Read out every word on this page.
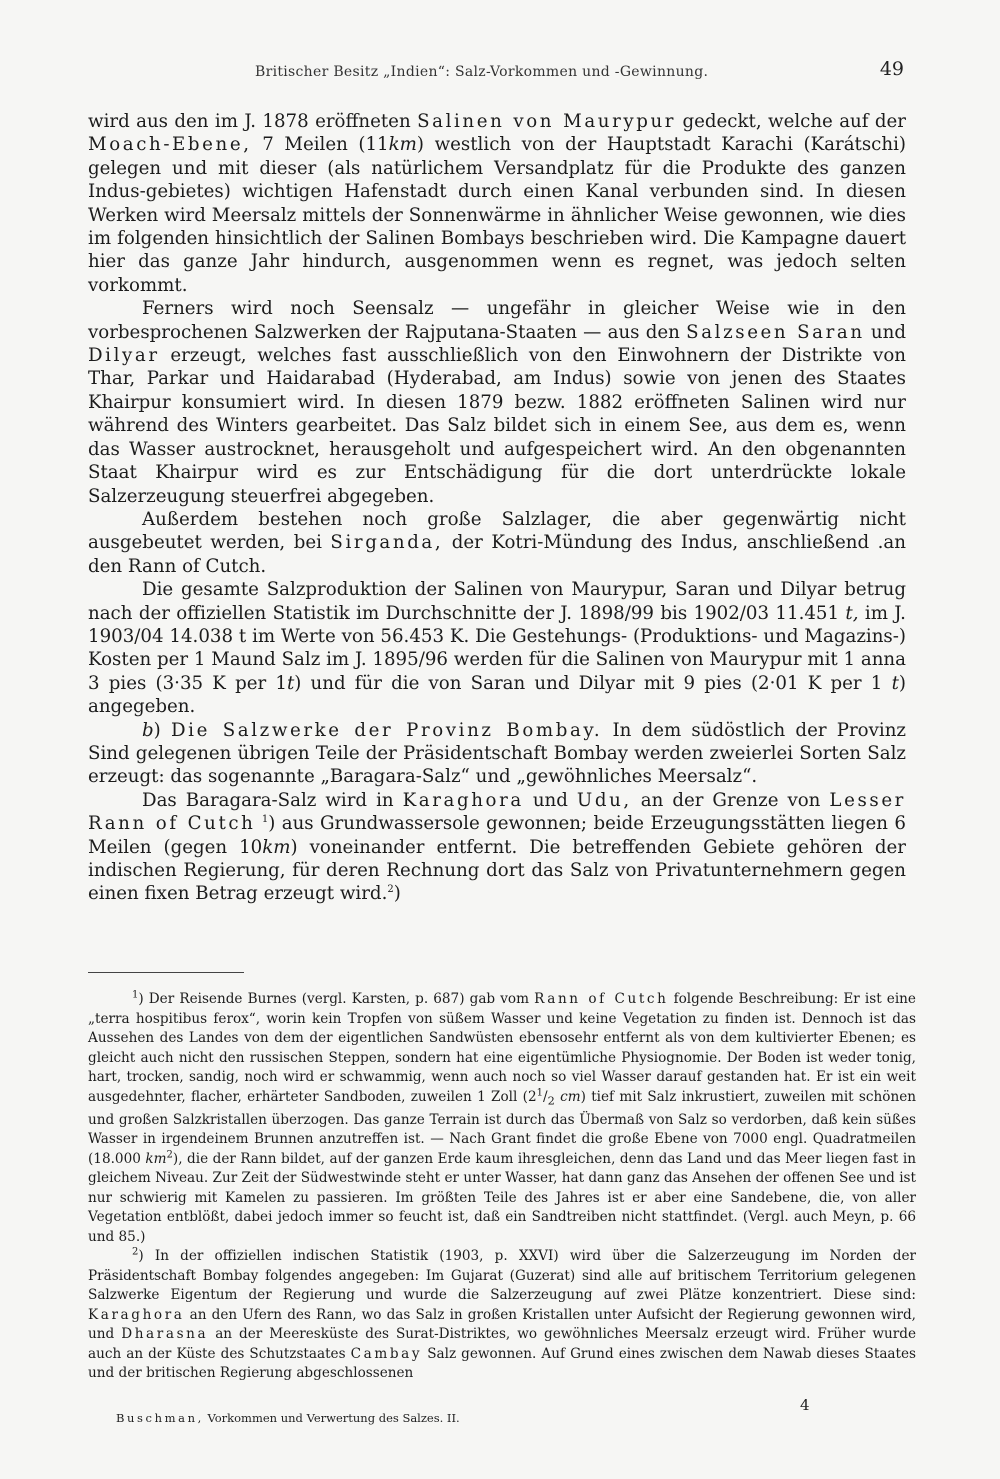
Britischer Besitz „Indien“: Salz-Vorkommen und -Gewinnung.	49

wird aus den im J. 1878 eröffneten Salinen von Maurypur gedeckt, welche auf der Moach-Ebene, 7 Meilen (11km) westlich von der Hauptstadt Karachi (Karátschi) gelegen und mit dieser (als natürlichem Versandplatz für die Produkte des ganzen Indus-gebietes) wichtigen Hafenstadt durch einen Kanal verbunden sind. In diesen Werken wird Meersalz mittels der Sonnenwärme in ähnlicher Weise gewonnen, wie dies im folgenden hinsichtlich der Salinen Bombays beschrieben wird. Die Kampagne dauert hier das ganze Jahr hindurch, ausgenommen wenn es regnet, was jedoch selten vorkommt.

Ferners wird noch Seensalz — ungefähr in gleicher Weise wie in den vorbesprochenen Salzwerken der Rajputana-Staaten — aus den Salzseen Saran und Dilyar erzeugt, welches fast ausschließlich von den Einwohnern der Distrikte von Thar, Parkar und Haidarabad (Hyderabad, am Indus) sowie von jenen des Staates Khairpur konsumiert wird. In diesen 1879 bezw. 1882 eröffneten Salinen wird nur während des Winters gearbeitet. Das Salz bildet sich in einem See, aus dem es, wenn das Wasser austrocknet, herausgeholt und aufgespeichert wird. An den obgenannten Staat Khairpur wird es zur Entschädigung für die dort unterdrückte lokale Salzerzeugung steuerfrei abgegeben.

Außerdem bestehen noch große Salzlager, die aber gegenwärtig nicht ausgebeutet werden, bei Sirganda, der Kotri-Mündung des Indus, anschließend .an den Rann of Cutch.

Die gesamte Salzproduktion der Salinen von Maurypur, Saran und Dilyar betrug nach der offiziellen Statistik im Durchschnitte der J. 1898/99 bis 1902/03 11.451 t, im J. 1903/04 14.038 t im Werte von 56.453 K. Die Gestehungs- (Produktions- und Magazins-) Kosten per 1 Maund Salz im J. 1895/96 werden für die Salinen von Maurypur mit 1 anna 3 pies (3·35 K per 1t) und für die von Saran und Dilyar mit 9 pies (2·01 K per 1 t) angegeben.

b) Die Salzwerke der Provinz Bombay. In dem südöstlich der Provinz Sind gelegenen übrigen Teile der Präsidentschaft Bombay werden zweierlei Sorten Salz erzeugt: das sogenannte „Baragara-Salz“ und „gewöhnliches Meersalz“.

Das Baragara-Salz wird in Karaghora und Udu, an der Grenze von Lesser Rann of Cutch $^1$) aus Grundwassersole gewonnen; beide Erzeugungsstätten liegen 6 Meilen (gegen 10km) voneinander entfernt. Die betreffenden Gebiete gehören der indischen Regierung, für deren Rechnung dort das Salz von Privatunternehmern gegen einen fixen Betrag erzeugt wird.$^2$)

$^1$) Der Reisende Burnes (vergl. Karsten, p. 687) gab vom Rann of Cutch folgende Beschreibung: Er ist eine „terra hospitibus ferox“, worin kein Tropfen von süßem Wasser und keine Vegetation zu finden ist. Dennoch ist das Aussehen des Landes von dem der eigentlichen Sandwüsten ebensosehr entfernt als von dem kultivierter Ebenen; es gleicht auch nicht den russischen Steppen, sondern hat eine eigentümliche Physiognomie. Der Boden ist weder tonig, hart, trocken, sandig, noch wird er schwammig, wenn auch noch so viel Wasser darauf gestanden hat. Er ist ein weit ausgedehnter, flacher, erhärteter Sandboden, zuweilen 1 Zoll ($2^1/_2$ cm) tief mit Salz inkrustiert, zuweilen mit schönen und großen Salzkristallen überzogen. Das ganze Terrain ist durch das Übermaß von Salz so verdorben, daß kein süßes Wasser in irgendeinem Brunnen anzutreffen ist. — Nach Grant findet die große Ebene von 7000 engl. Quadratmeilen (18.000 $km^2$), die der Rann bildet, auf der ganzen Erde kaum ihresgleichen, denn das Land und das Meer liegen fast in gleichem Niveau. Zur Zeit der Südwestwinde steht er unter Wasser, hat dann ganz das Ansehen der offenen See und ist nur schwierig mit Kamelen zu passieren. Im größten Teile des Jahres ist er aber eine Sandebene, die, von aller Vegetation entblößt, dabei jedoch immer so feucht ist, daß ein Sandtreiben nicht stattfindet. (Vergl. auch Meyn, p. 66 und 85.)

$^2$) In der offiziellen indischen Statistik (1903, p. XXVI) wird über die Salzerzeugung im Norden der Präsidentschaft Bombay folgendes angegeben: Im Gujarat (Guzerat) sind alle auf britischem Territorium gelegenen Salzwerke Eigentum der Regierung und wurde die Salzerzeugung auf zwei Plätze konzentriert. Diese sind: Karaghora an den Ufern des Rann, wo das Salz in großen Kristallen unter Aufsicht der Regierung gewonnen wird, und Dharasna an der Meeresküste des Surat-Distriktes, wo gewöhnliches Meersalz erzeugt wird. Früher wurde auch an der Küste des Schutzstaates Cambay Salz gewonnen. Auf Grund eines zwischen dem Nawab dieses Staates und der britischen Regierung abgeschlossenen

Buschman, Vorkommen und Verwertung des Salzes. II.
4
